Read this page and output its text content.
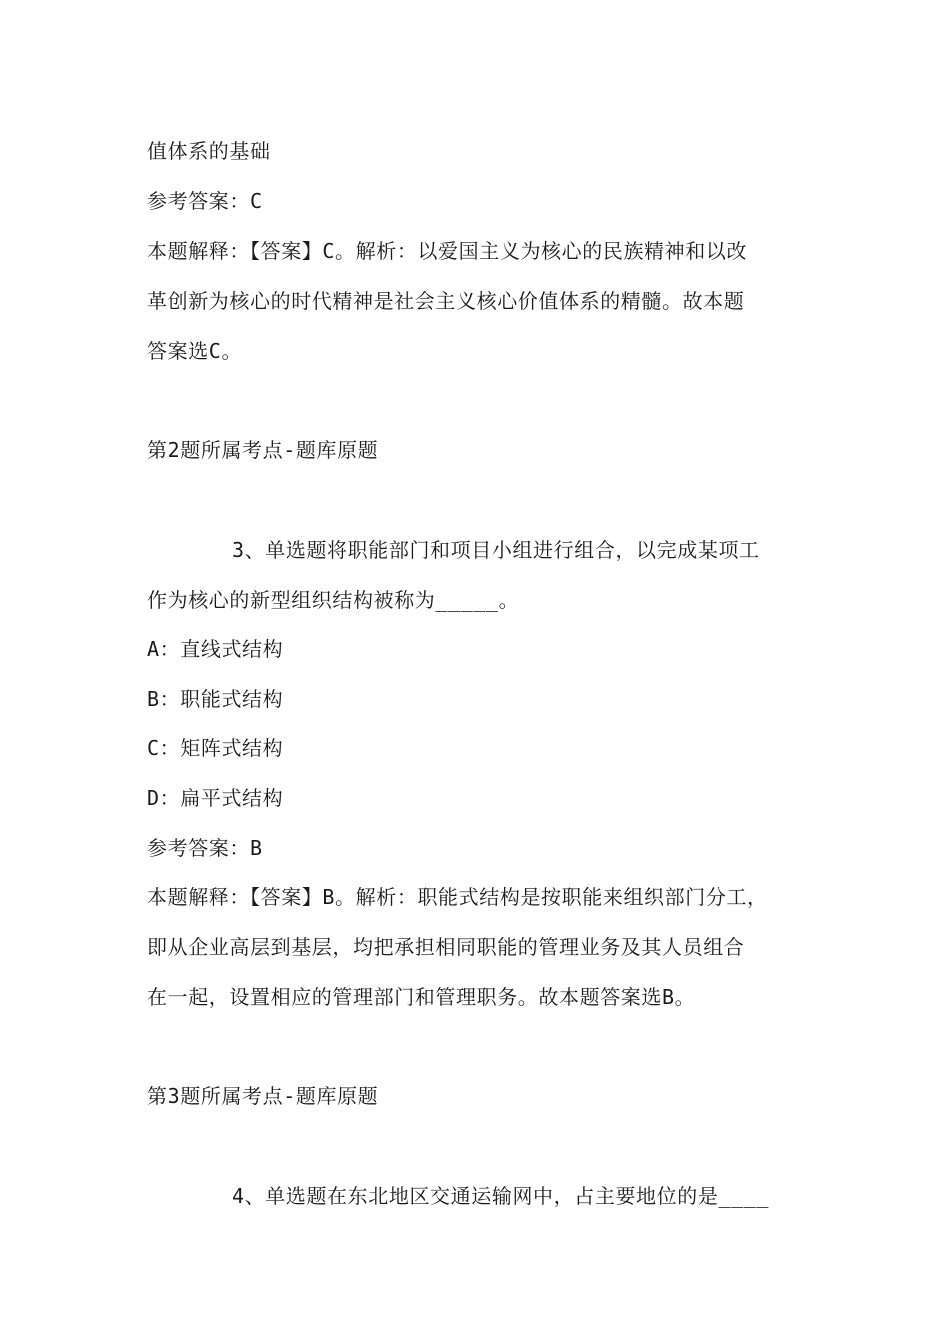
值体系的基础
参考答案：C
本题解释：【答案】C。解析：以爱国主义为核心的民族精神和以改
革创新为核心的时代精神是社会主义核心价值体系的精髓。故本题
答案选C。
第2题所属考点-题库原题
3、单选题将职能部门和项目小组进行组合，以完成某项工
作为核心的新型组织结构被称为_____。
A：直线式结构
B：职能式结构
C：矩阵式结构
D：扁平式结构
参考答案：B
本题解释：【答案】B。解析：职能式结构是按职能来组织部门分工，
即从企业高层到基层，均把承担相同职能的管理业务及其人员组合
在一起，设置相应的管理部门和管理职务。故本题答案选B。
第3题所属考点-题库原题
4、单选题在东北地区交通运输网中，占主要地位的是____
